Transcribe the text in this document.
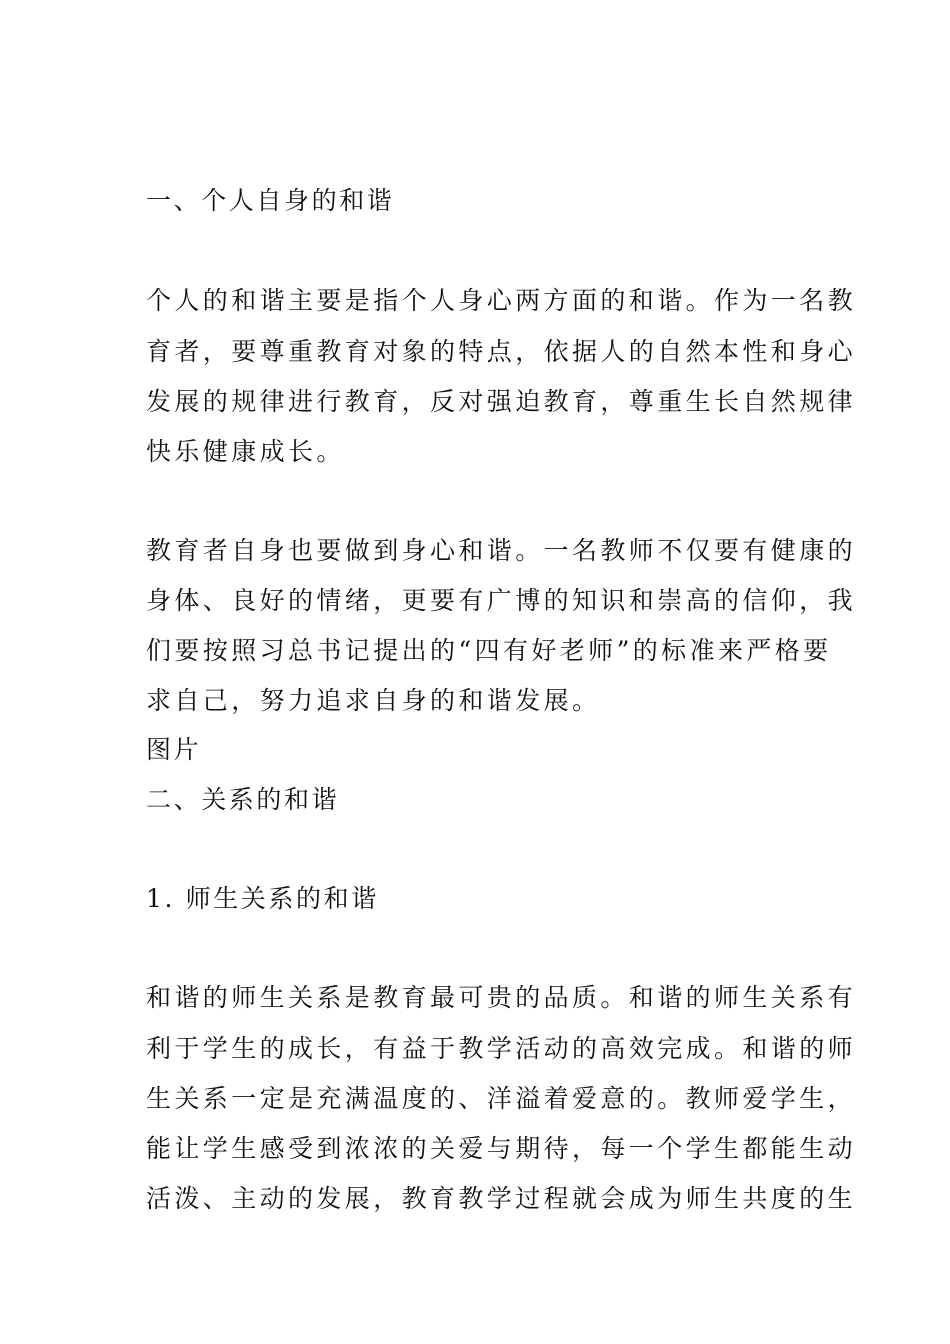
一、个人自身的和谐
个人的和谐主要是指个人身心两方面的和谐。作为一名教
育者，要尊重教育对象的特点，依据人的自然本性和身心
发展的规律进行教育，反对强迫教育，尊重生长自然规律
快乐健康成长。
教育者自身也要做到身心和谐。一名教师不仅要有健康的
身体、良好的情绪，更要有广博的知识和崇高的信仰，我
们要按照习总书记提出的“四有好老师”的标准来严格要
求自己，努力追求自身的和谐发展。
图片
二、关系的和谐
1. 师生关系的和谐
和谐的师生关系是教育最可贵的品质。和谐的师生关系有
利于学生的成长，有益于教学活动的高效完成。和谐的师
生关系一定是充满温度的、洋溢着爱意的。教师爱学生，
能让学生感受到浓浓的关爱与期待，每一个学生都能生动
活泼、主动的发展，教育教学过程就会成为师生共度的生
